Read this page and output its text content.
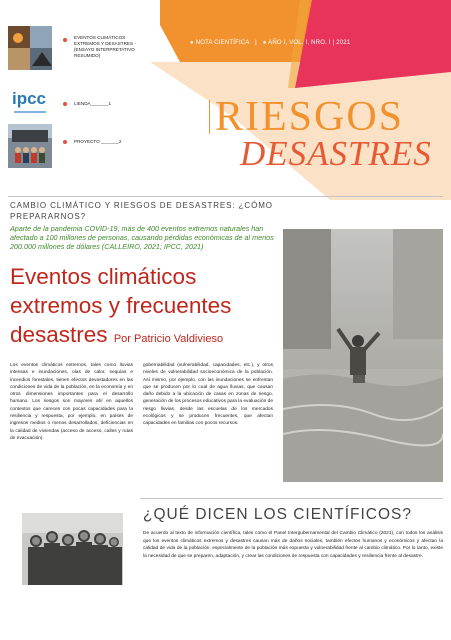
● NOTA CIENTÍFICA | ● AÑO I, VOL. I, NRO. I | 2021
RIESGOS
DESASTRES
EVENTOS CLIMÁTICOS EXTREMOS Y DESASTRES - (ENSAYO INTERPRETATIVO RESUMIDO)
ipcc	LIENDA_______1
PROYECTO _______2
CAMBIO CLIMÁTICO Y RIESGOS DE DESASTRES: ¿CÓMO PREPARARNOS?
Aparte de la pandemia COVID-19, más de 400 eventos extremos naturales han afectado a 100 millones de personas, causando pérdidas económicas de al menos 200.000 millones de dólares (CALLEIRO, 2021; IPCC, 2021)
Eventos climáticos extremos y frecuentes desastres Por Patricio Valdivieso
Los eventos climáticos extremos, tales como lluvias intensas e inundaciones, olas de calor, sequías e incendios forestales, tienen efectos devastadores en las condiciones de vida de la población, en la economía y en otros dimensiones importantes para el desarrollo humano. Los riesgos son mayores ahí en aquellos contextos que carecen con pocas capacidades para la resiliencia y respuesta, por ejemplo, en países de ingresos medios o menos desarrollados, deficiencias en la calidad de viviendas (acceso de acceso, calles y rutas de evacuación).
gobernabilidad (vulnerabilidad, capacidades, etc.), y otros niveles de vulnerabilidad socioeconómica de la población. Así mismo, por ejemplo, con las inundaciones se enfrentan que se producen por lo cual de agua lluvias, que causan daño debido a la ubicación de casas en zonas de riesgo, generación de los procesos educativos para la evaluación de riesgo lluvias, desde las escuelas de los mercados ecológicos y se producen frecuentes, que afectan capacidades en familias con pocos recursos.
¿QUÉ DICEN LOS CIENTÍFICOS?
De acuerdo al texto de información científica, tales como el Panel Intergubernamental del Cambio Climático (2021), con todos los análisis que los eventos climáticos extremos y desastres causan más de daños sociales, también efectos humanos y económicos y afectan la calidad de vida de la población, especialmente de la población más expuesta y vulnerabilidad frente al cambio climático. Por lo tanto, existe la necesidad de que se preparen, adaptación, y crear las condiciones de respuesta con capacidades y resiliencia frente al desastre.
